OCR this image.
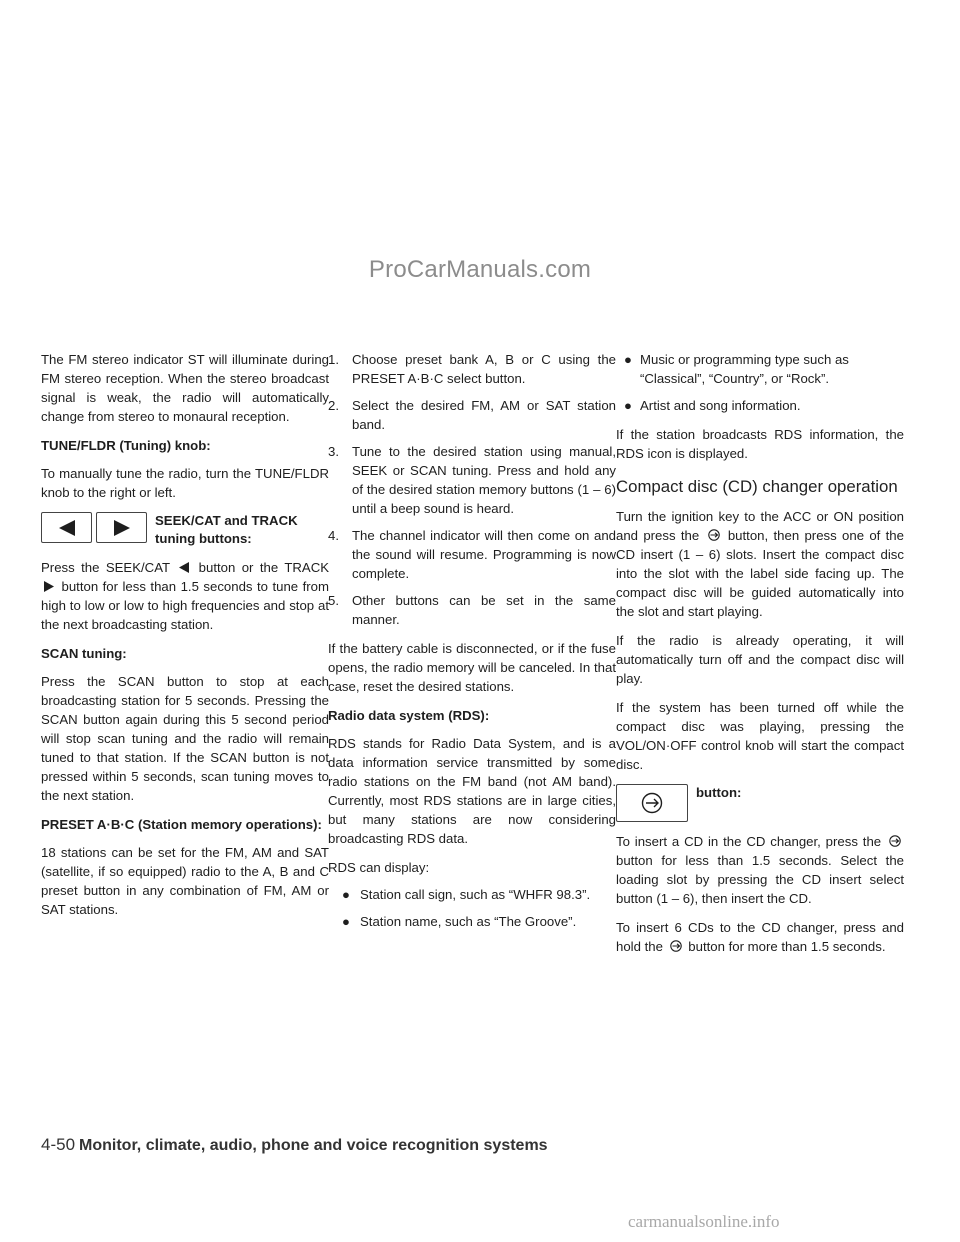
ProCarManuals.com

The FM stereo indicator ST will illuminate during FM stereo reception. When the stereo broadcast signal is weak, the radio will automatically change from stereo to monaural reception.

TUNE/FLDR (Tuning) knob:

To manually tune the radio, turn the TUNE/FLDR knob to the right or left.

SEEK/CAT and TRACK tuning buttons:

Press the SEEK/CAT button or the TRACK  button for less than 1.5 seconds to tune from high to low or low to high frequencies and stop at the next broadcasting station.

SCAN tuning:

Press the SCAN button to stop at each broadcasting station for 5 seconds. Pressing the SCAN button again during this 5 second period will stop scan tuning and the radio will remain tuned to that station. If the SCAN button is not pressed within 5 seconds, scan tuning moves to the next station.

PRESET A·B·C (Station memory operations):

18 stations can be set for the FM, AM and SAT (satellite, if so equipped) radio to the A, B and C preset button in any combination of FM, AM or SAT stations.

1. Choose preset bank A, B or C using the PRESET A·B·C select button.
2. Select the desired FM, AM or SAT station band.
3. Tune to the desired station using manual, SEEK or SCAN tuning. Press and hold any of the desired station memory buttons (1 – 6) until a beep sound is heard.
4. The channel indicator will then come on and the sound will resume. Programming is now complete.
5. Other buttons can be set in the same manner.

If the battery cable is disconnected, or if the fuse opens, the radio memory will be canceled. In that case, reset the desired stations.

Radio data system (RDS):

RDS stands for Radio Data System, and is a data information service transmitted by some radio stations on the FM band (not AM band). Currently, most RDS stations are in large cities, but many stations are now considering broadcasting RDS data.

RDS can display:

● Station call sign, such as “WHFR 98.3”.
● Station name, such as “The Groove”.
● Music or programming type such as “Classical”, “Country”, or “Rock”.
● Artist and song information.

If the station broadcasts RDS information, the RDS icon is displayed.

Compact disc (CD) changer operation

Turn the ignition key to the ACC or ON position and press the button, then press one of the CD insert (1 – 6) slots. Insert the compact disc into the slot with the label side facing up. The compact disc will be guided automatically into the slot and start playing.

If the radio is already operating, it will automatically turn off and the compact disc will play.

If the system has been turned off while the compact disc was playing, pressing the VOL/ON·OFF control knob will start the compact disc.

button:

To insert a CD in the CD changer, press the  button for less than 1.5 seconds. Select the loading slot by pressing the CD insert select button (1 – 6), then insert the CD.

To insert 6 CDs to the CD changer, press and hold the button for more than 1.5 seconds.

4-50 Monitor, climate, audio, phone and voice recognition systems
carmanualsonline.info
